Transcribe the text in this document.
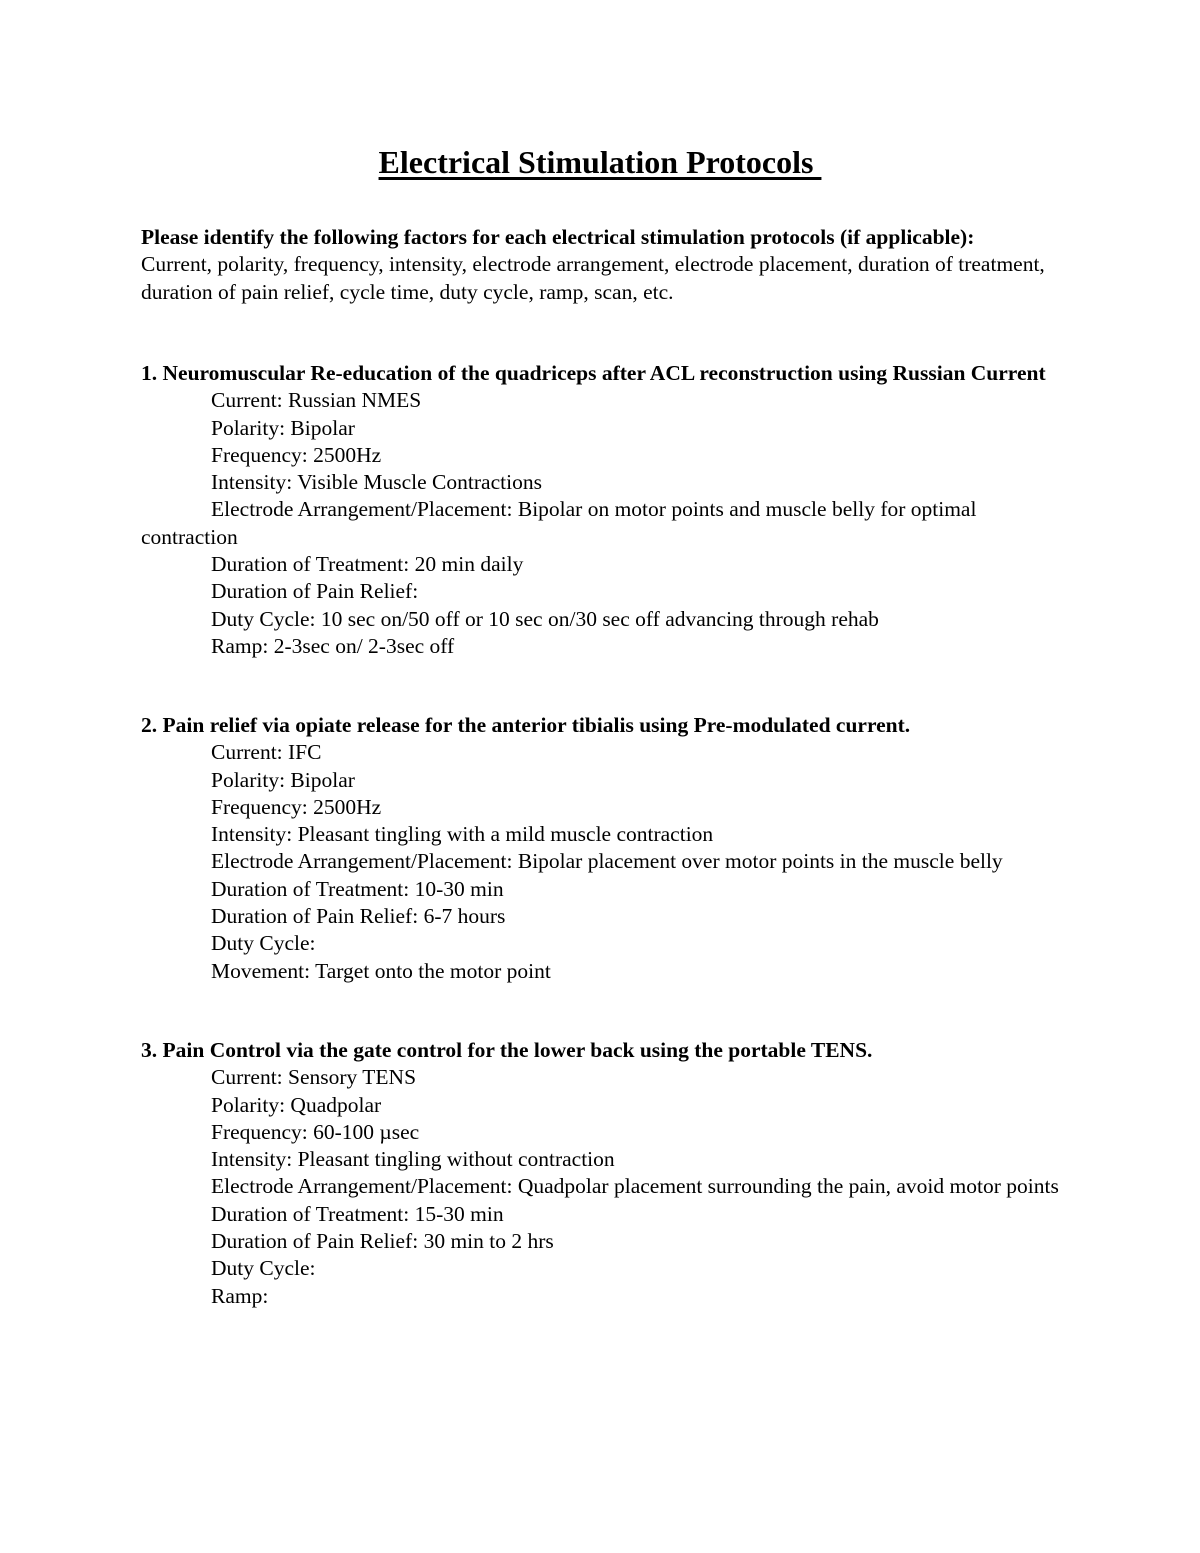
Electrical Stimulation Protocols
Please identify the following factors for each electrical stimulation protocols (if applicable):
Current, polarity, frequency, intensity, electrode arrangement, electrode placement, duration of treatment, duration of pain relief, cycle time, duty cycle, ramp, scan, etc.
1. Neuromuscular Re-education of the quadriceps after ACL reconstruction using Russian Current
Current: Russian NMES
Polarity: Bipolar
Frequency: 2500Hz
Intensity: Visible Muscle Contractions
Electrode Arrangement/Placement: Bipolar on motor points and muscle belly for optimal contraction
Duration of Treatment: 20 min daily
Duration of Pain Relief:
Duty Cycle: 10 sec on/50 off or 10 sec on/30 sec off advancing through rehab
Ramp: 2-3sec on/ 2-3sec off
2. Pain relief via opiate release for the anterior tibialis using Pre-modulated current.
Current: IFC
Polarity: Bipolar
Frequency: 2500Hz
Intensity: Pleasant tingling with a mild muscle contraction
Electrode Arrangement/Placement: Bipolar placement over motor points in the muscle belly
Duration of Treatment: 10-30 min
Duration of Pain Relief: 6-7 hours
Duty Cycle:
Movement: Target onto the motor point
3. Pain Control via the gate control for the lower back using the portable TENS.
Current: Sensory TENS
Polarity: Quadpolar
Frequency: 60-100 µsec
Intensity: Pleasant tingling without contraction
Electrode Arrangement/Placement: Quadpolar placement surrounding the pain, avoid motor points
Duration of Treatment: 15-30 min
Duration of Pain Relief: 30 min to 2 hrs
Duty Cycle:
Ramp:
